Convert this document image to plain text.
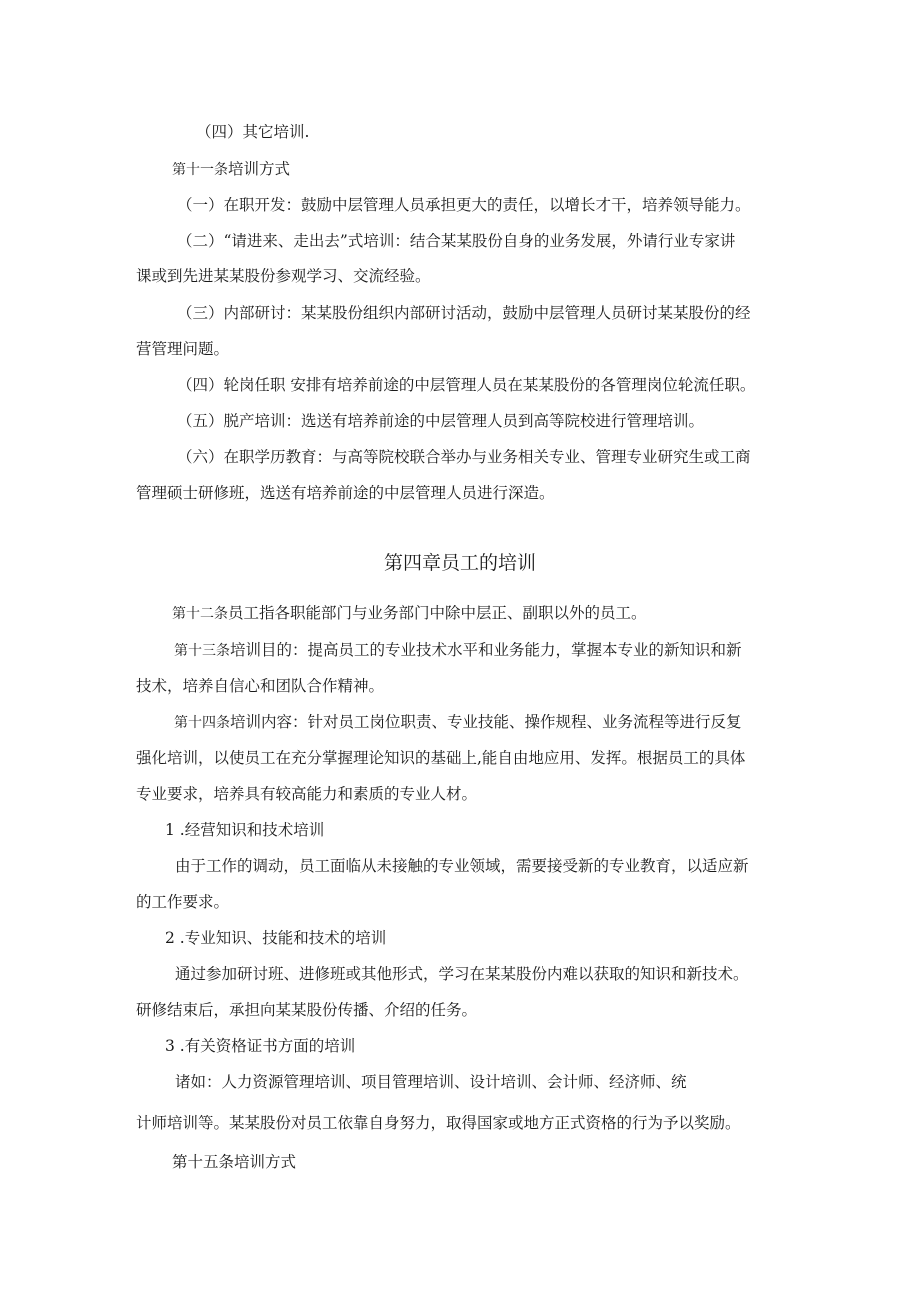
（四）其它培训.
第十一条培训方式
（一）在职开发：鼓励中层管理人员承担更大的责任，以增长才干，培养领导能力。
（二）“请进来、走出去”式培训：结合某某股份自身的业务发展，外请行业专家讲
课或到先进某某股份参观学习、交流经验。
（三）内部研讨：某某股份组织内部研讨活动，鼓励中层管理人员研讨某某股份的经
营管理问题。
（四）轮岗任职 安排有培养前途的中层管理人员在某某股份的各管理岗位轮流任职。
（五）脱产培训：选送有培养前途的中层管理人员到高等院校进行管理培训。
（六）在职学历教育：与高等院校联合举办与业务相关专业、管理专业研究生或工商
管理硕士研修班，选送有培养前途的中层管理人员进行深造。
第四章员工的培训
第十二条员工指各职能部门与业务部门中除中层正、副职以外的员工。
第十三条培训目的：提高员工的专业技术水平和业务能力，掌握本专业的新知识和新
技术，培养自信心和团队合作精神。
第十四条培训内容：针对员工岗位职责、专业技能、操作规程、业务流程等进行反复
强化培训，以使员工在充分掌握理论知识的基础上,能自由地应用、发挥。根据员工的具体
专业要求，培养具有较高能力和素质的专业人材。
1 .经营知识和技术培训
由于工作的调动，员工面临从未接触的专业领域，需要接受新的专业教育，以适应新
的工作要求。
2 .专业知识、技能和技术的培训
通过参加研讨班、进修班或其他形式，学习在某某股份内难以获取的知识和新技术。
研修结束后，承担向某某股份传播、介绍的任务。
3 .有关资格证书方面的培训
诸如：人力资源管理培训、项目管理培训、设计培训、会计师、经济师、统
计师培训等。某某股份对员工依靠自身努力，取得国家或地方正式资格的行为予以奖励。
第十五条培训方式
